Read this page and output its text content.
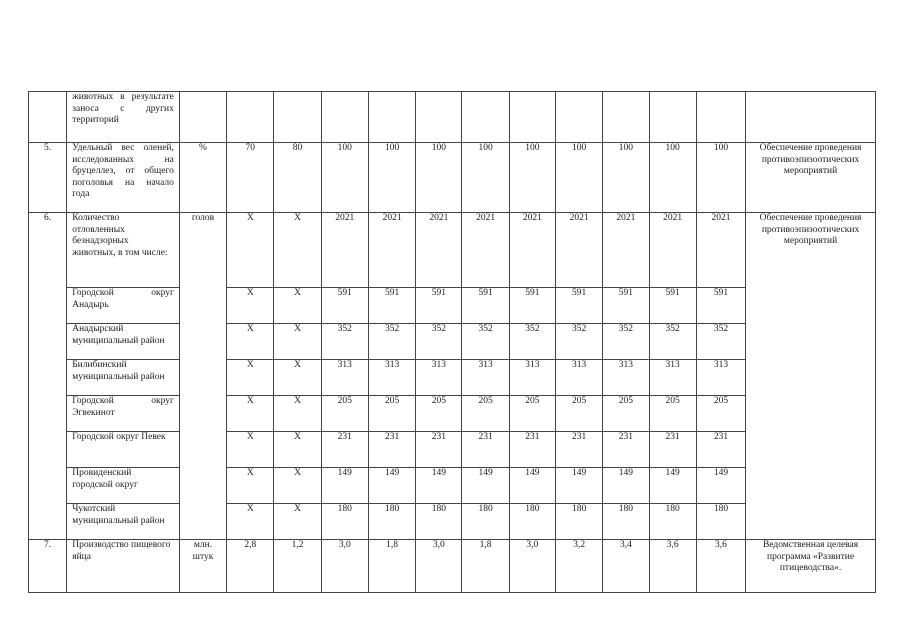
	животных в результате заноса с других территорий													
5.	Удельный вес оленей, исследованных на бруцеллез, от общего поголовья на начало года	%	70	80	100	100	100	100	100	100	100	100	100	Обеспечение проведения противоэпизоотических мероприятий
6.	Количество отловленных безнадзорных животных, в том числе:	голов	Х	Х	2021	2021	2021	2021	2021	2021	2021	2021	2021	Обеспечение проведения противоэпизоотических мероприятий
	Городской округ Анадырь		Х	Х	591	591	591	591	591	591	591	591	591	
	Анадырский муниципальный район		Х	Х	352	352	352	352	352	352	352	352	352	
	Билибинский муниципальный район		Х	Х	313	313	313	313	313	313	313	313	313	
	Городской округ Эгвекинот		Х	Х	205	205	205	205	205	205	205	205	205	
	Городской округ Певек		Х	Х	231	231	231	231	231	231	231	231	231	
	Провиденский городской округ		Х	Х	149	149	149	149	149	149	149	149	149	
	Чукотский муниципальный район		Х	Х	180	180	180	180	180	180	180	180	180	
7.	Производство пищевого яйца	млн. штук	2,8	1,2	3,0	1,8	3,0	1,8	3,0	3,2	3,4	3,6	3,6	Ведомственная целевая программа «Развитие птицеводства».
